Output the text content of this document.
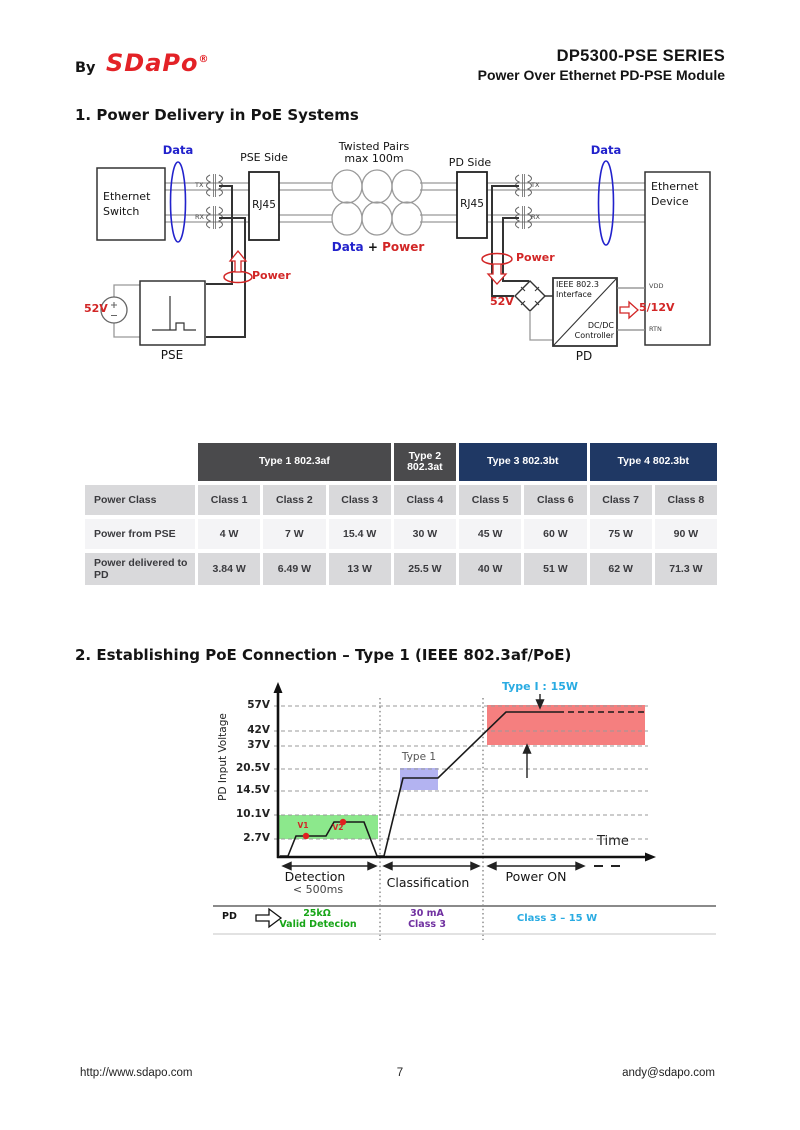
By SDaPo®	DP5300-PSE SERIES
Power Over Ethernet PD-PSE Module
1. Power Delivery in PoE Systems
Data
PSE Side
Twisted Pairs
max 100m	PD Side
Data
Ethernet
Switch
Ethernet
Device
RJ45	RJ45
TX
RX
TX
RX
Data + Power
Power
52V
PSE
Power
52V
IEEE 802.3
Interface
DC/DC
Controller
PD
VDD
RTN
5/12V
Type 1 802.3af	Type 2
802.3at	Type 3 802.3bt	Type 4 802.3bt
Power Class	Class 1	Class 2	Class 3	Class 4	Class 5	Class 6	Class 7	Class 8
Power from PSE	4 W	7 W	15.4 W	30 W	45 W	60 W	75 W	90 W
Power delivered to PD	3.84 W	6.49 W	13 W	25.5 W	40 W	51 W	62 W	71.3 W
2. Establishing PoE Connection – Type 1 (IEEE 802.3af/PoE)
PD Input Voltage
57V
42V
37V
20.5V
14.5V
10.1V
2.7V
Type 1
Type I : 15W
Time
V1	V2
Detection
< 500ms	Classification	Power ON
PD	25kΩ
Valid Detecion
30 mA
Class 3
Class 3 – 15 W
http://www.sdapo.com	7	andy@sdapo.com
